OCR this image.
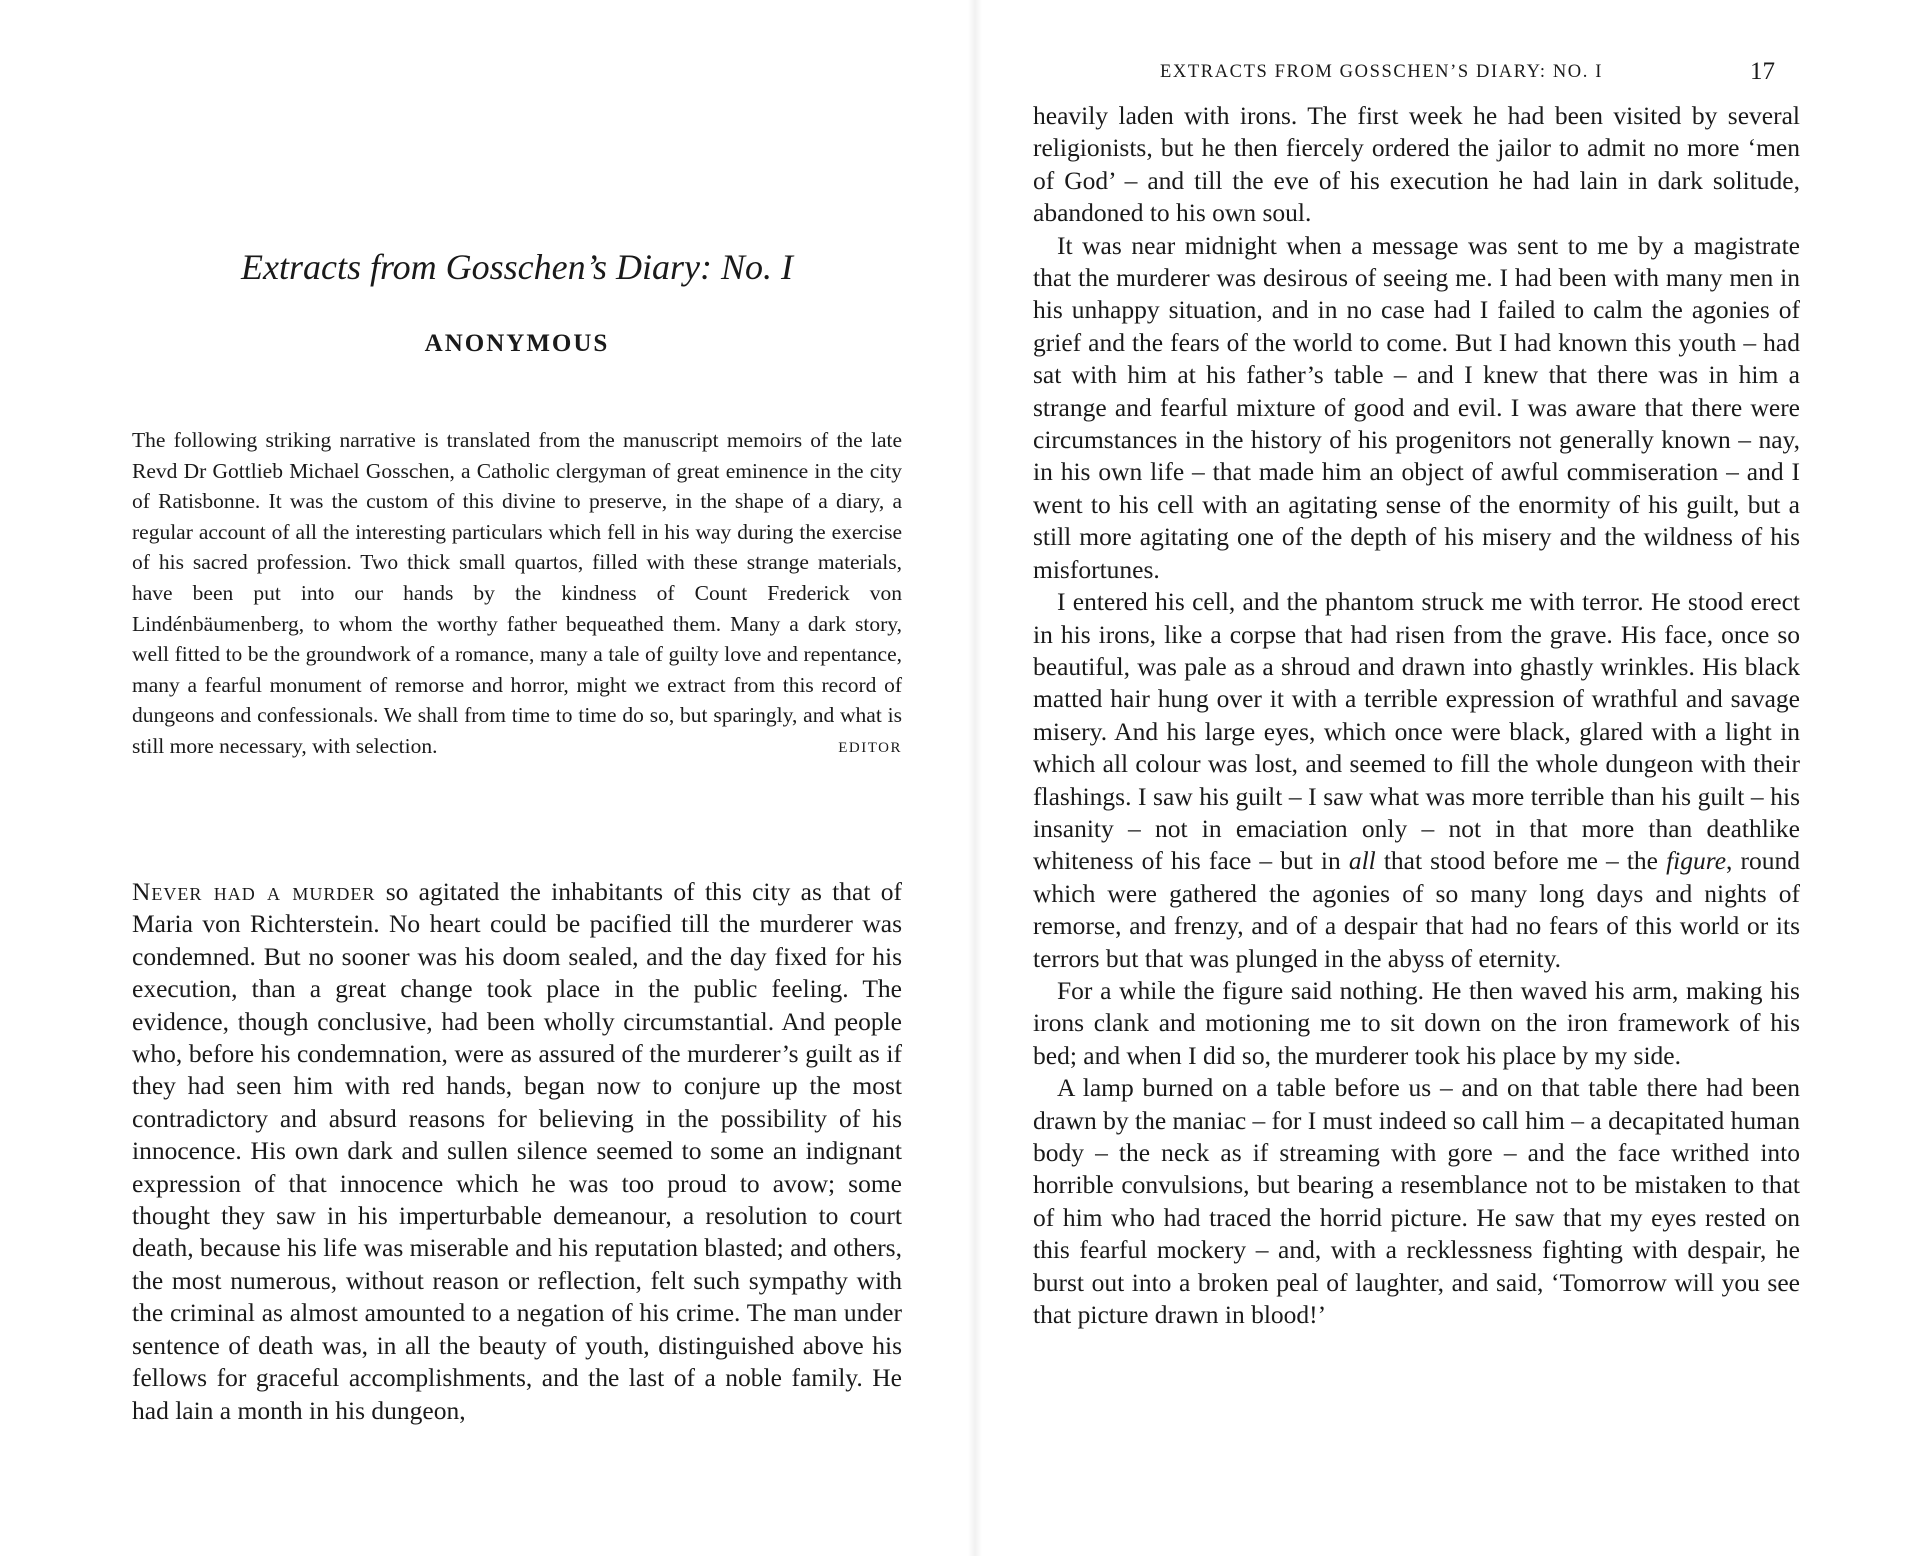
Extracts from Gosschen’s Diary: No. I
ANONYMOUS

The following striking narrative is translated from the manuscript memoirs of the late Revd Dr Gottlieb Michael Gosschen, a Catholic clergyman of great eminence in the city of Ratisbonne. It was the custom of this divine to preserve, in the shape of a diary, a regular account of all the interesting particulars which fell in his way during the exercise of his sacred profession. Two thick small quartos, filled with these strange materials, have been put into our hands by the kindness of Count Frederick von Lindénbäumenberg, to whom the worthy father bequeathed them. Many a dark story, well fitted to be the groundwork of a romance, many a tale of guilty love and repentance, many a fearful monument of remorse and horror, might we extract from this record of dungeons and confessionals. We shall from time to time do so, but sparingly, and what is still more necessary, with selection.	EDITOR

Never had a murder so agitated the inhabitants of this city as that of Maria von Richterstein. No heart could be pacified till the murderer was condemned. But no sooner was his doom sealed, and the day fixed for his execution, than a great change took place in the public feeling. The evidence, though conclusive, had been wholly circumstantial. And people who, before his condemnation, were as assured of the murderer’s guilt as if they had seen him with red hands, began now to conjure up the most contradictory and absurd reasons for believing in the possibility of his innocence. His own dark and sullen silence seemed to some an indignant expression of that innocence which he was too proud to avow; some thought they saw in his imperturbable demeanour, a resolution to court death, because his life was miserable and his reputation blasted; and others, the most numerous, without reason or reflection, felt such sympathy with the criminal as almost amounted to a negation of his crime. The man under sentence of death was, in all the beauty of youth, distinguished above his fellows for graceful accomplishments, and the last of a noble family. He had lain a month in his dungeon,

EXTRACTS FROM GOSSCHEN’S DIARY: NO. I	17

heavily laden with irons. The first week he had been visited by several religionists, but he then fiercely ordered the jailor to admit no more ‘men of God’ – and till the eve of his execution he had lain in dark solitude, abandoned to his own soul.

It was near midnight when a message was sent to me by a magistrate that the murderer was desirous of seeing me. I had been with many men in his unhappy situation, and in no case had I failed to calm the agonies of grief and the fears of the world to come. But I had known this youth – had sat with him at his father’s table – and I knew that there was in him a strange and fearful mixture of good and evil. I was aware that there were circumstances in the history of his progenitors not generally known – nay, in his own life – that made him an object of awful commiseration – and I went to his cell with an agitating sense of the enormity of his guilt, but a still more agitating one of the depth of his misery and the wildness of his misfortunes.

I entered his cell, and the phantom struck me with terror. He stood erect in his irons, like a corpse that had risen from the grave. His face, once so beautiful, was pale as a shroud and drawn into ghastly wrinkles. His black matted hair hung over it with a terrible expression of wrathful and savage misery. And his large eyes, which once were black, glared with a light in which all colour was lost, and seemed to fill the whole dungeon with their flashings. I saw his guilt – I saw what was more terrible than his guilt – his insanity – not in emaciation only – not in that more than deathlike whiteness of his face – but in all that stood before me – the figure, round which were gathered the agonies of so many long days and nights of remorse, and frenzy, and of a despair that had no fears of this world or its terrors but that was plunged in the abyss of eternity.

For a while the figure said nothing. He then waved his arm, making his irons clank and motioning me to sit down on the iron framework of his bed; and when I did so, the murderer took his place by my side.

A lamp burned on a table before us – and on that table there had been drawn by the maniac – for I must indeed so call him – a decapitated human body – the neck as if streaming with gore – and the face writhed into horrible convulsions, but bearing a resemblance not to be mistaken to that of him who had traced the horrid picture. He saw that my eyes rested on this fearful mockery – and, with a recklessness fighting with despair, he burst out into a broken peal of laughter, and said, ‘Tomorrow will you see that picture drawn in blood!’
